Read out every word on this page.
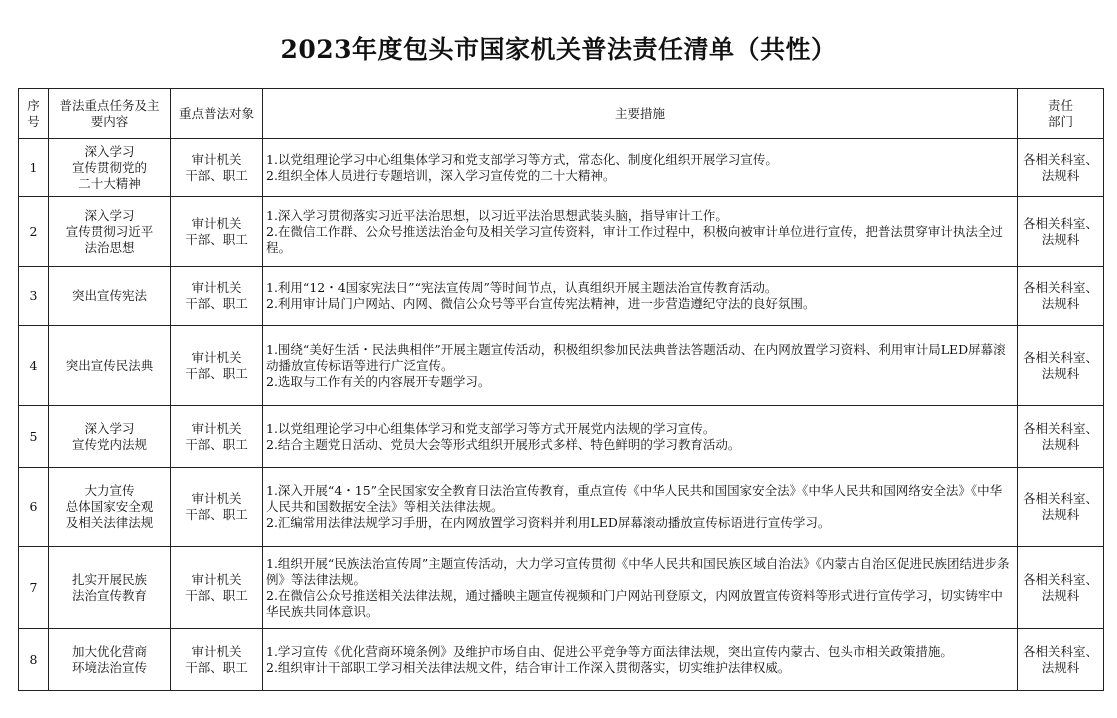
2023年度包头市国家机关普法责任清单（共性）
序
号	普法重点任务及主
要内容	重点普法对象	主要措施	责任
部门

1	深入学习
宣传贯彻党的
二十大精神	审计机关
干部、职工	1.以党组理论学习中心组集体学习和党支部学习等方式，常态化、制度化组织开展学习宣传。
2.组织全体人员进行专题培训，深入学习宣传党的二十大精神。	各相关科室、
法规科

2	深入学习
宣传贯彻习近平
法治思想	审计机关
干部、职工	1.深入学习贯彻落实习近平法治思想，以习近平法治思想武装头脑，指导审计工作。
2.在微信工作群、公众号推送法治金句及相关学习宣传资料，审计工作过程中，积极向被审计单位进行宣传，把普法贯穿审计执法全过程。	各相关科室、
法规科

3	突出宣传宪法	审计机关
干部、职工	1.利用“12・4国家宪法日”“宪法宣传周”等时间节点，认真组织开展主题法治宣传教育活动。
2.利用审计局门户网站、内网、微信公众号等平台宣传宪法精神，进一步营造遵纪守法的良好氛围。	各相关科室、
法规科

4	突出宣传民法典	审计机关
干部、职工	1.围绕“美好生活・民法典相伴”开展主题宣传活动，积极组织参加民法典普法答题活动、在内网放置学习资料、利用审计局LED屏幕滚动播放宣传标语等进行广泛宣传。
2.选取与工作有关的内容展开专题学习。	各相关科室、
法规科

5	深入学习
宣传党内法规	审计机关
干部、职工	1.以党组理论学习中心组集体学习和党支部学习等方式开展党内法规的学习宣传。
2.结合主题党日活动、党员大会等形式组织开展形式多样、特色鲜明的学习教育活动。	各相关科室、
法规科

6	大力宣传
总体国家安全观
及相关法律法规	审计机关
干部、职工	1.深入开展“4・15”全民国家安全教育日法治宣传教育，重点宣传《中华人民共和国国家安全法》《中华人民共和国网络安全法》《中华人民共和国数据安全法》等相关法律法规。
2.汇编常用法律法规学习手册，在内网放置学习资料并利用LED屏幕滚动播放宣传标语进行宣传学习。	各相关科室、
法规科

7	扎实开展民族
法治宣传教育	审计机关
干部、职工	1.组织开展“民族法治宣传周”主题宣传活动，大力学习宣传贯彻《中华人民共和国民族区域自治法》《内蒙古自治区促进民族团结进步条例》等法律法规。
2.在微信公众号推送相关法律法规，通过播映主题宣传视频和门户网站刊登原文，内网放置宣传资料等形式进行宣传学习，切实铸牢中华民族共同体意识。	各相关科室、
法规科

8	加大优化营商
环境法治宣传	审计机关
干部、职工	1.学习宣传《优化营商环境条例》及维护市场自由、促进公平竞争等方面法律法规，突出宣传内蒙古、包头市相关政策措施。
2.组织审计干部职工学习相关法律法规文件，结合审计工作深入贯彻落实，切实维护法律权威。	各相关科室、
法规科
